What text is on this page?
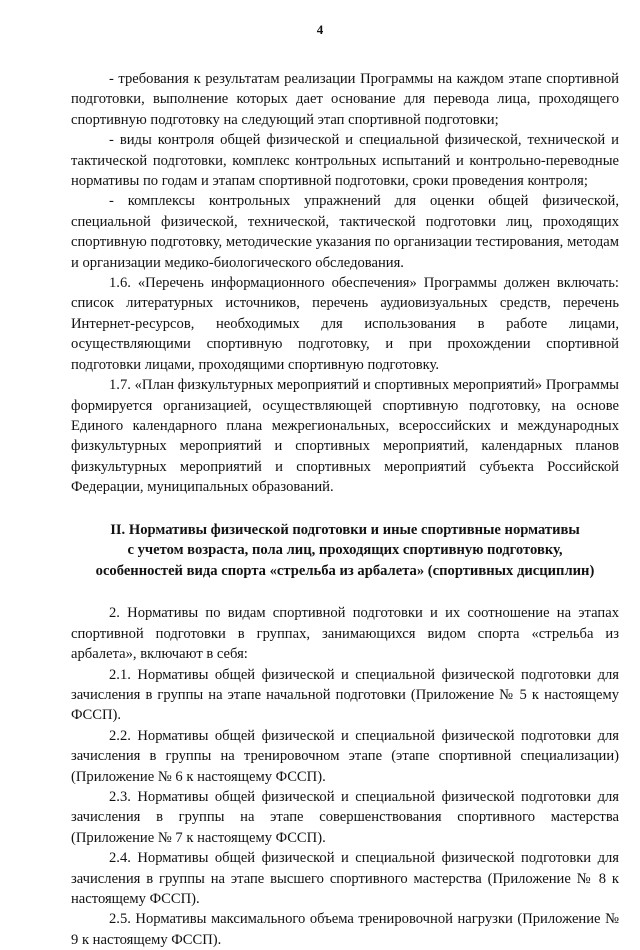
4

- требования к результатам реализации Программы на каждом этапе спортивной подготовки, выполнение которых дает основание для перевода лица, проходящего спортивную подготовку на следующий этап спортивной подготовки;

- виды контроля общей физической и специальной физической, технической и тактической подготовки, комплекс контрольных испытаний и контрольно-переводные нормативы по годам и этапам спортивной подготовки, сроки проведения контроля;

- комплексы контрольных упражнений для оценки общей физической, специальной физической, технической, тактической подготовки лиц, проходящих спортивную подготовку, методические указания по организации тестирования, методам и организации медико-биологического обследования.

1.6. «Перечень информационного обеспечения» Программы должен включать: список литературных источников, перечень аудиовизуальных средств, перечень Интернет-ресурсов, необходимых для использования в работе лицами, осуществляющими спортивную подготовку, и при прохождении спортивной подготовки лицами, проходящими спортивную подготовку.

1.7. «План физкультурных мероприятий и спортивных мероприятий» Программы формируется организацией, осуществляющей спортивную подготовку, на основе Единого календарного плана межрегиональных, всероссийских и международных физкультурных мероприятий и спортивных мероприятий, календарных планов физкультурных мероприятий и спортивных мероприятий субъекта Российской Федерации, муниципальных образований.

II. Нормативы физической подготовки и иные спортивные нормативы
с учетом возраста, пола лиц, проходящих спортивную подготовку,
особенностей вида спорта «стрельба из арбалета» (спортивных дисциплин)

2. Нормативы по видам спортивной подготовки и их соотношение на этапах спортивной подготовки в группах, занимающихся видом спорта «стрельба из арбалета», включают в себя:

2.1. Нормативы общей физической и специальной физической подготовки для зачисления в группы на этапе начальной подготовки (Приложение № 5 к настоящему ФССП).

2.2. Нормативы общей физической и специальной физической подготовки для зачисления в группы на тренировочном этапе (этапе спортивной специализации) (Приложение № 6 к настоящему ФССП).

2.3. Нормативы общей физической и специальной физической подготовки для зачисления в группы на этапе совершенствования спортивного мастерства (Приложение № 7 к настоящему ФССП).

2.4. Нормативы общей физической и специальной физической подготовки для зачисления в группы на этапе высшего спортивного мастерства (Приложение № 8 к настоящему ФССП).

2.5. Нормативы максимального объема тренировочной нагрузки (Приложение № 9 к настоящему ФССП).
